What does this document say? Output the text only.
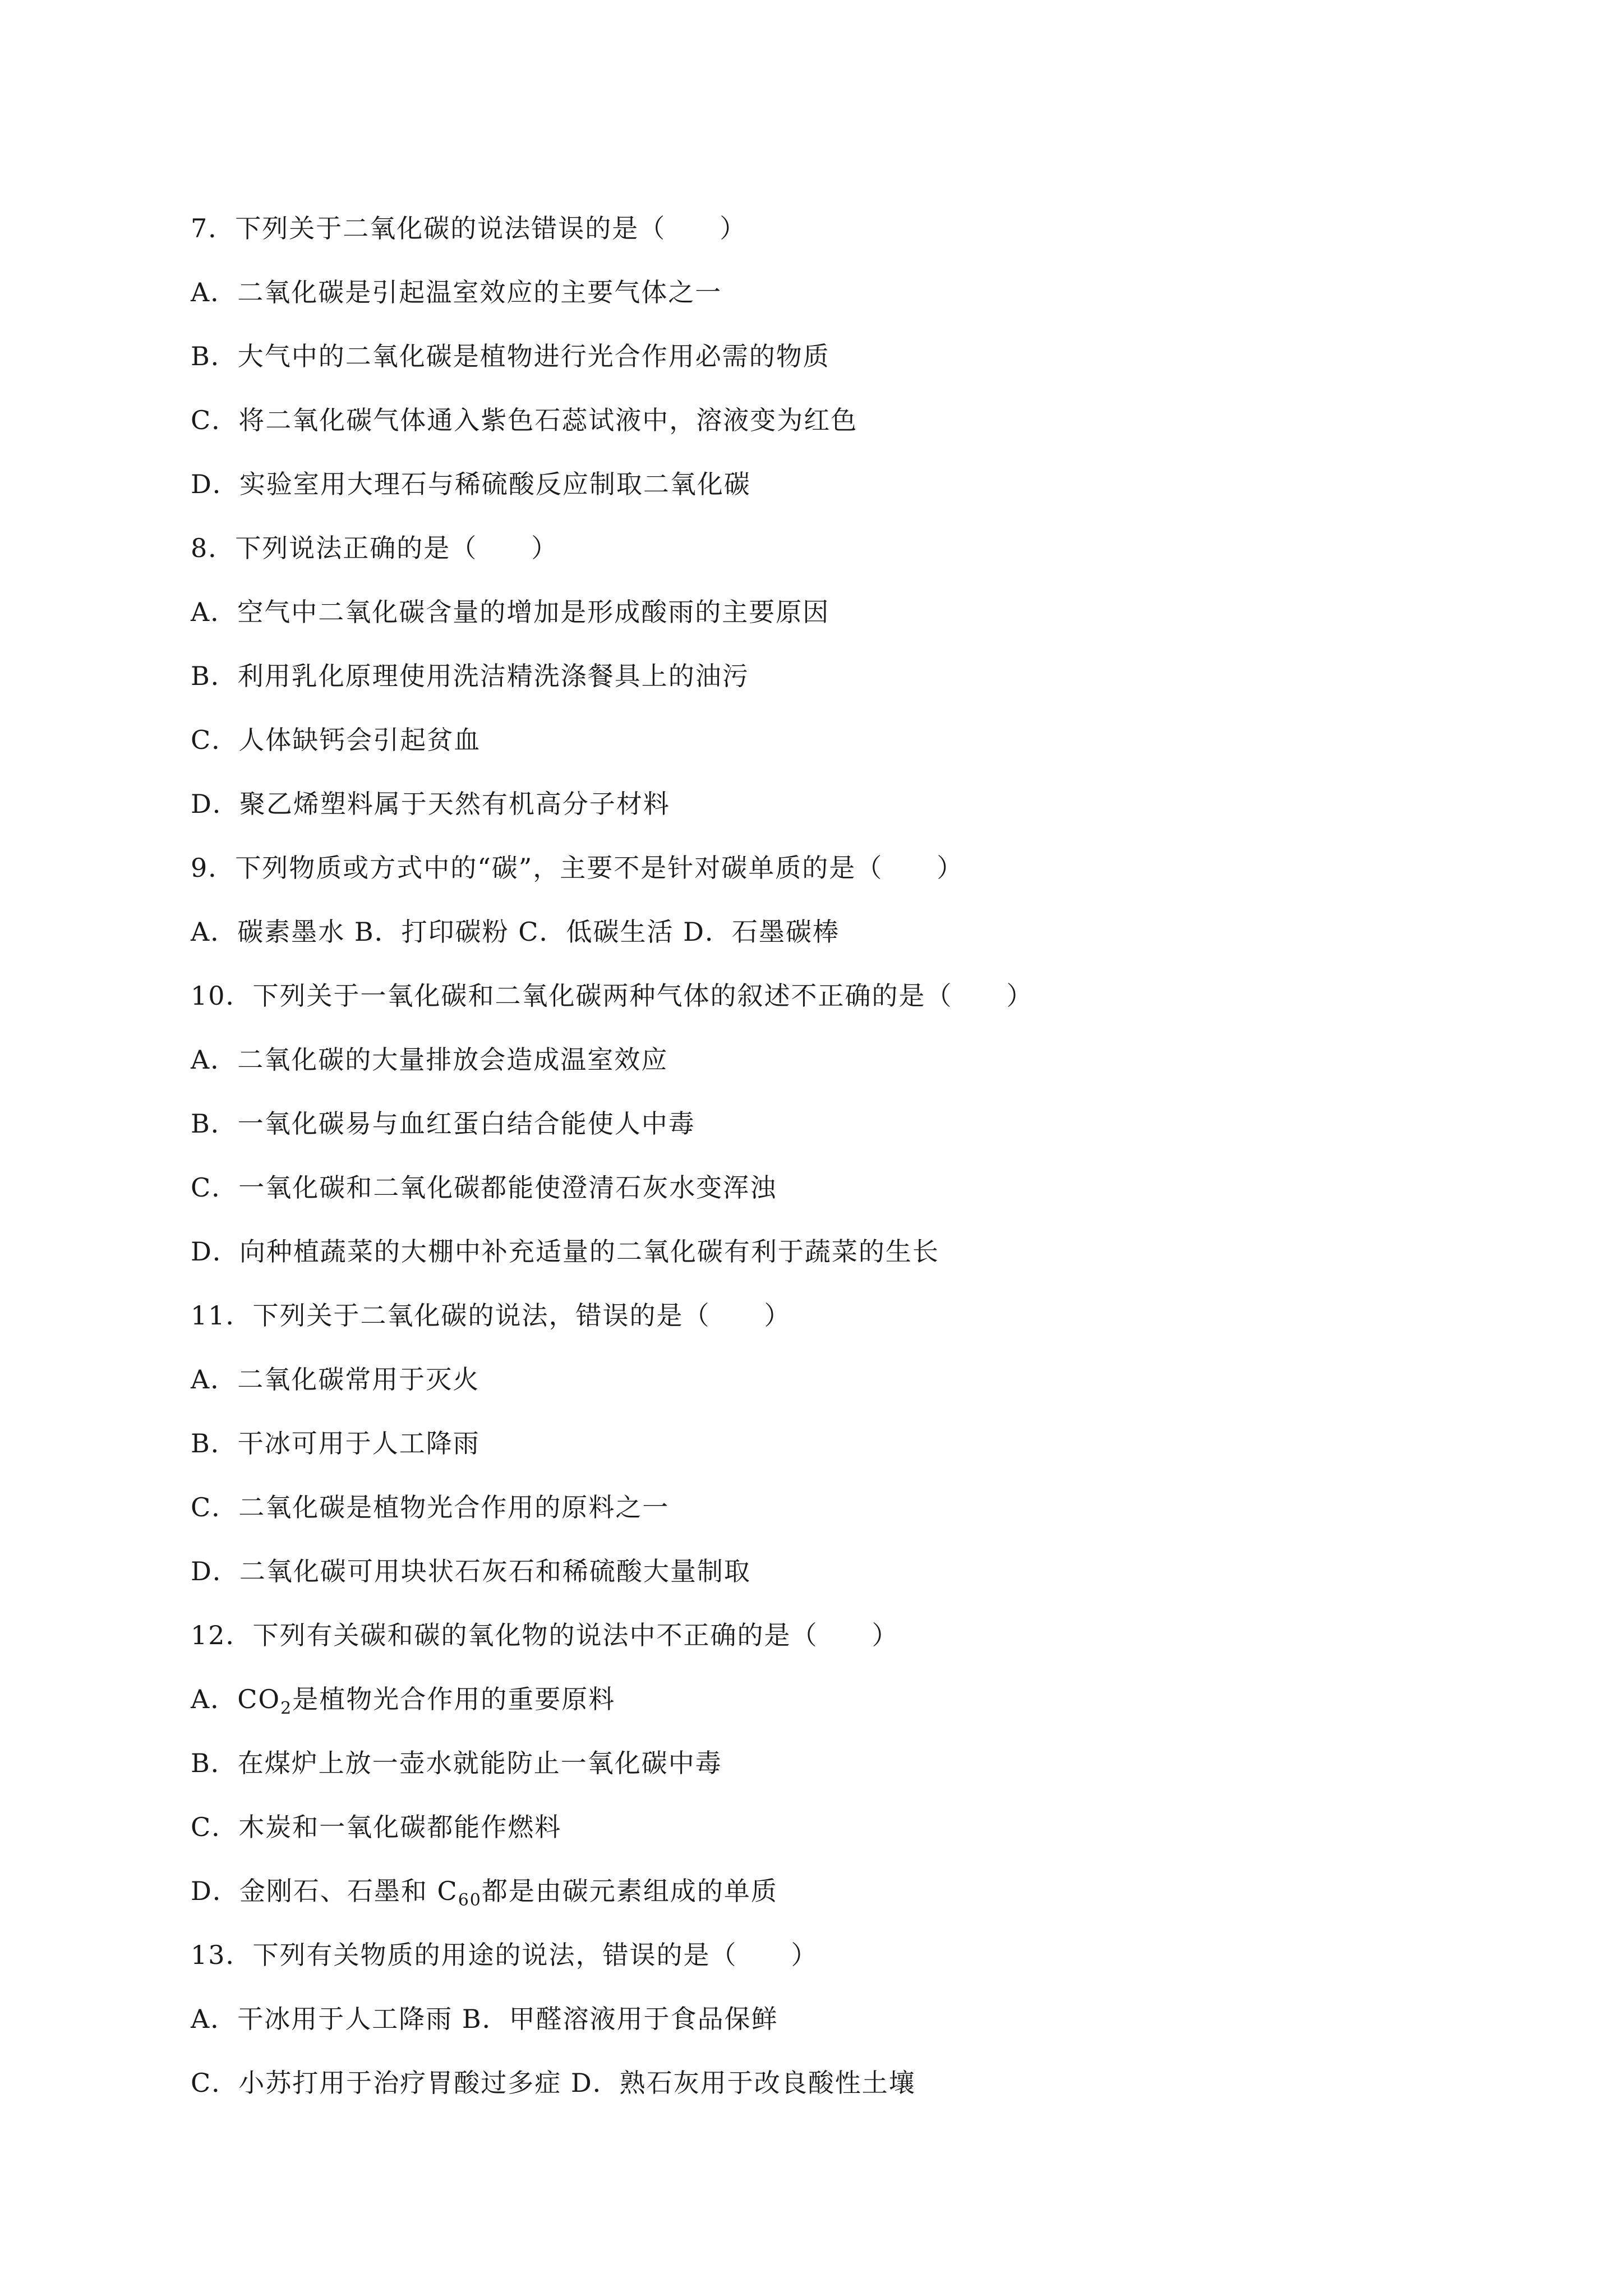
7．下列关于二氧化碳的说法错误的是（　　）
A．二氧化碳是引起温室效应的主要气体之一
B．大气中的二氧化碳是植物进行光合作用必需的物质
C．将二氧化碳气体通入紫色石蕊试液中，溶液变为红色
D．实验室用大理石与稀硫酸反应制取二氧化碳
8．下列说法正确的是（　　）
A．空气中二氧化碳含量的增加是形成酸雨的主要原因
B．利用乳化原理使用洗洁精洗涤餐具上的油污
C．人体缺钙会引起贫血
D．聚乙烯塑料属于天然有机高分子材料
9．下列物质或方式中的“碳”，主要不是针对碳单质的是（　　）
A．碳素墨水 B．打印碳粉 C．低碳生活 D．石墨碳棒
10．下列关于一氧化碳和二氧化碳两种气体的叙述不正确的是（　　）
A．二氧化碳的大量排放会造成温室效应
B．一氧化碳易与血红蛋白结合能使人中毒
C．一氧化碳和二氧化碳都能使澄清石灰水变浑浊
D．向种植蔬菜的大棚中补充适量的二氧化碳有利于蔬菜的生长
11．下列关于二氧化碳的说法，错误的是（　　）
A．二氧化碳常用于灭火
B．干冰可用于人工降雨
C．二氧化碳是植物光合作用的原料之一
D．二氧化碳可用块状石灰石和稀硫酸大量制取
12．下列有关碳和碳的氧化物的说法中不正确的是（　　）
A．$CO_2$是植物光合作用的重要原料
B．在煤炉上放一壶水就能防止一氧化碳中毒
C．木炭和一氧化碳都能作燃料
D．金刚石、石墨和 $C_{60}$都是由碳元素组成的单质
13．下列有关物质的用途的说法，错误的是（　　）
A．干冰用于人工降雨 B．甲醛溶液用于食品保鲜
C．小苏打用于治疗胃酸过多症 D．熟石灰用于改良酸性土壤
